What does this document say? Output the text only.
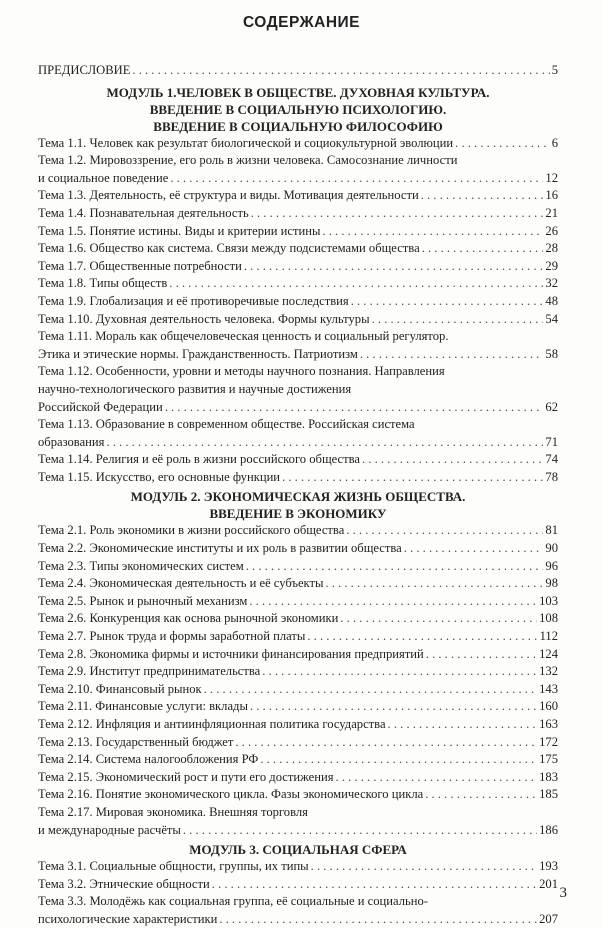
СОДЕРЖАНИЕ
ПРЕДИСЛОВИЕ . . .	5
МОДУЛЬ 1.ЧЕЛОВЕК В ОБЩЕСТВЕ. ДУХОВНАЯ КУЛЬТУРА.
ВВЕДЕНИЕ В СОЦИАЛЬНУЮ ПСИХОЛОГИЮ.
ВВЕДЕНИЕ В СОЦИАЛЬНУЮ ФИЛОСОФИЮ
Тема 1.1. Человек как результат биологической и социокультурной эволюции . . .	6
Тема 1.2. Мировоззрение, его роль в жизни человека. Самосознание личности
и социальное поведение . . .	12
Тема 1.3. Деятельность, её структура и виды. Мотивация деятельности . . .	16
Тема 1.4. Познавательная деятельность . . .	21
Тема 1.5. Понятие истины. Виды и критерии истины . . .	26
Тема 1.6. Общество как система. Связи между подсистемами общества . . .	28
Тема 1.7. Общественные потребности . . .	29
Тема 1.8. Типы обществ . . .	32
Тема 1.9. Глобализация и её противоречивые последствия . . .	48
Тема 1.10. Духовная деятельность человека. Формы культуры . . .	54
Тема 1.11. Мораль как общечеловеческая ценность и социальный регулятор.
Этика и этические нормы. Гражданственность. Патриотизм . . .	58
Тема 1.12. Особенности, уровни и методы научного познания. Направления
научно-технологического развития и научные достижения
Российской Федерации . . .	62
Тема 1.13. Образование в современном обществе. Российская система
образования . . .	71
Тема 1.14. Религия и её роль в жизни российского общества . . .	74
Тема 1.15. Искусство, его основные функции . . .	78
МОДУЛЬ 2. ЭКОНОМИЧЕСКАЯ ЖИЗНЬ ОБЩЕСТВА.
ВВЕДЕНИЕ В ЭКОНОМИКУ
Тема 2.1. Роль экономики в жизни российского общества . . .	81
Тема 2.2. Экономические институты и их роль в развитии общества . . .	90
Тема 2.3. Типы экономических систем . . .	96
Тема 2.4. Экономическая деятельность и её субъекты . . .	98
Тема 2.5. Рынок и рыночный механизм . . .	103
Тема 2.6. Конкуренция как основа рыночной экономики . . .	108
Тема 2.7. Рынок труда и формы заработной платы . . .	112
Тема 2.8. Экономика фирмы и источники финансирования предприятий . . .	124
Тема 2.9. Институт предпринимательства . . .	132
Тема 2.10. Финансовый рынок . . .	143
Тема 2.11. Финансовые услуги: вклады . . .	160
Тема 2.12. Инфляция и антиинфляционная политика государства . . .	163
Тема 2.13. Государственный бюджет . . .	172
Тема 2.14. Система налогообложения РФ . . .	175
Тема 2.15. Экономический рост и пути его достижения . . .	183
Тема 2.16. Понятие экономического цикла. Фазы экономического цикла . . .	185
Тема 2.17. Мировая экономика. Внешняя торговля
и международные расчёты . . .	186
МОДУЛЬ 3. СОЦИАЛЬНАЯ СФЕРА
Тема 3.1. Социальные общности, группы, их типы . . .	193
Тема 3.2. Этнические общности . . .	201
Тема 3.3. Молодёжь как социальная группа, её социальные и социально-
психологические характеристики . . .	207
3
